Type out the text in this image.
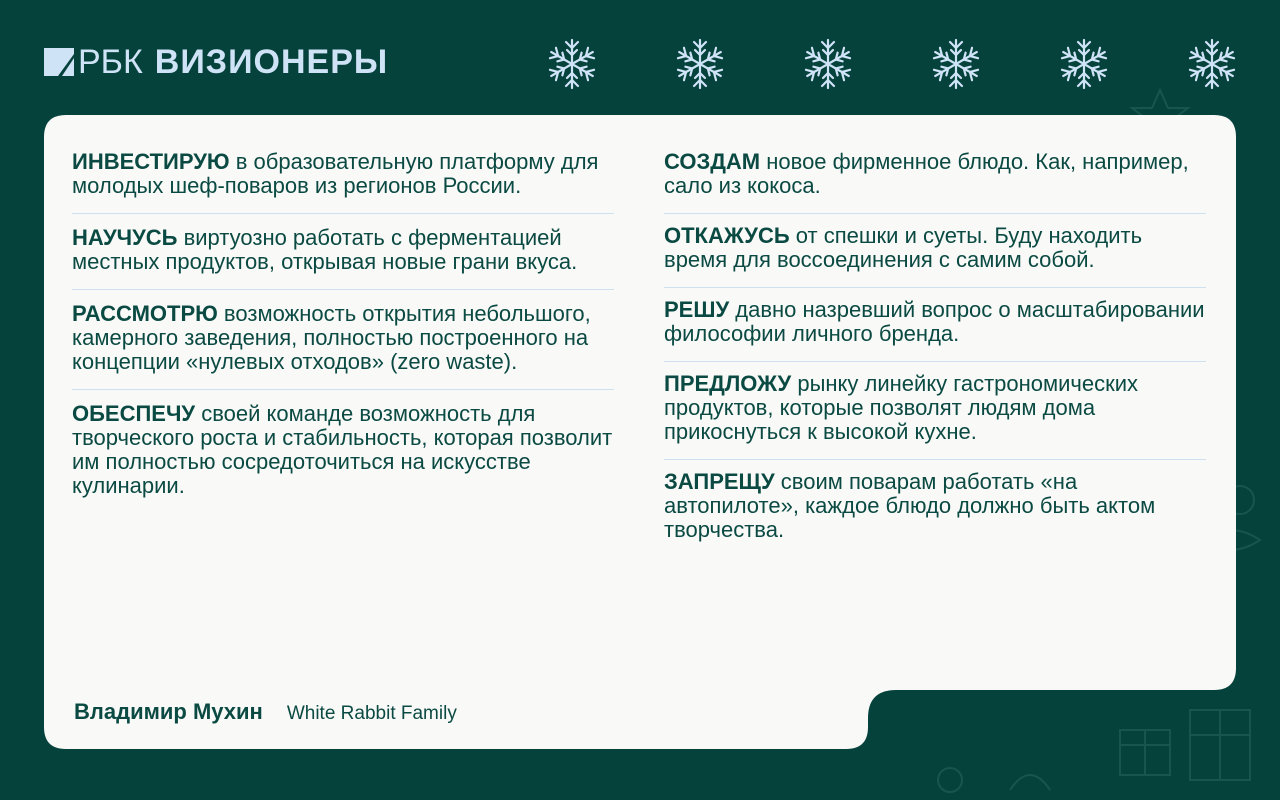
РБК ВИЗИОНЕРЫ
ИНВЕСТИРУЮ в образовательную платформу для молодых шеф-поваров из регионов России.
НАУЧУСЬ виртуозно работать с ферментацией местных продуктов, открывая новые грани вкуса.
РАССМОТРЮ возможность открытия небольшого, камерного заведения, полностью построенного на концепции «нулевых отходов» (zero waste).
ОБЕСПЕЧУ своей команде возможность для творческого роста и стабильность, которая позволит им полностью сосредоточиться на искусстве кулинарии.
СОЗДАМ новое фирменное блюдо. Как, например, сало из кокоса.
ОТКАЖУСЬ от спешки и суеты. Буду находить время для воссоединения с самим собой.
РЕШУ давно назревший вопрос о масштабировании философии личного бренда.
ПРЕДЛОЖУ рынку линейку гастрономических продуктов, которые позволят людям дома прикоснуться к высокой кухне.
ЗАПРЕЩУ своим поварам работать «на автопилоте», каждое блюдо должно быть актом творчества.
Владимир Мухин White Rabbit Family
